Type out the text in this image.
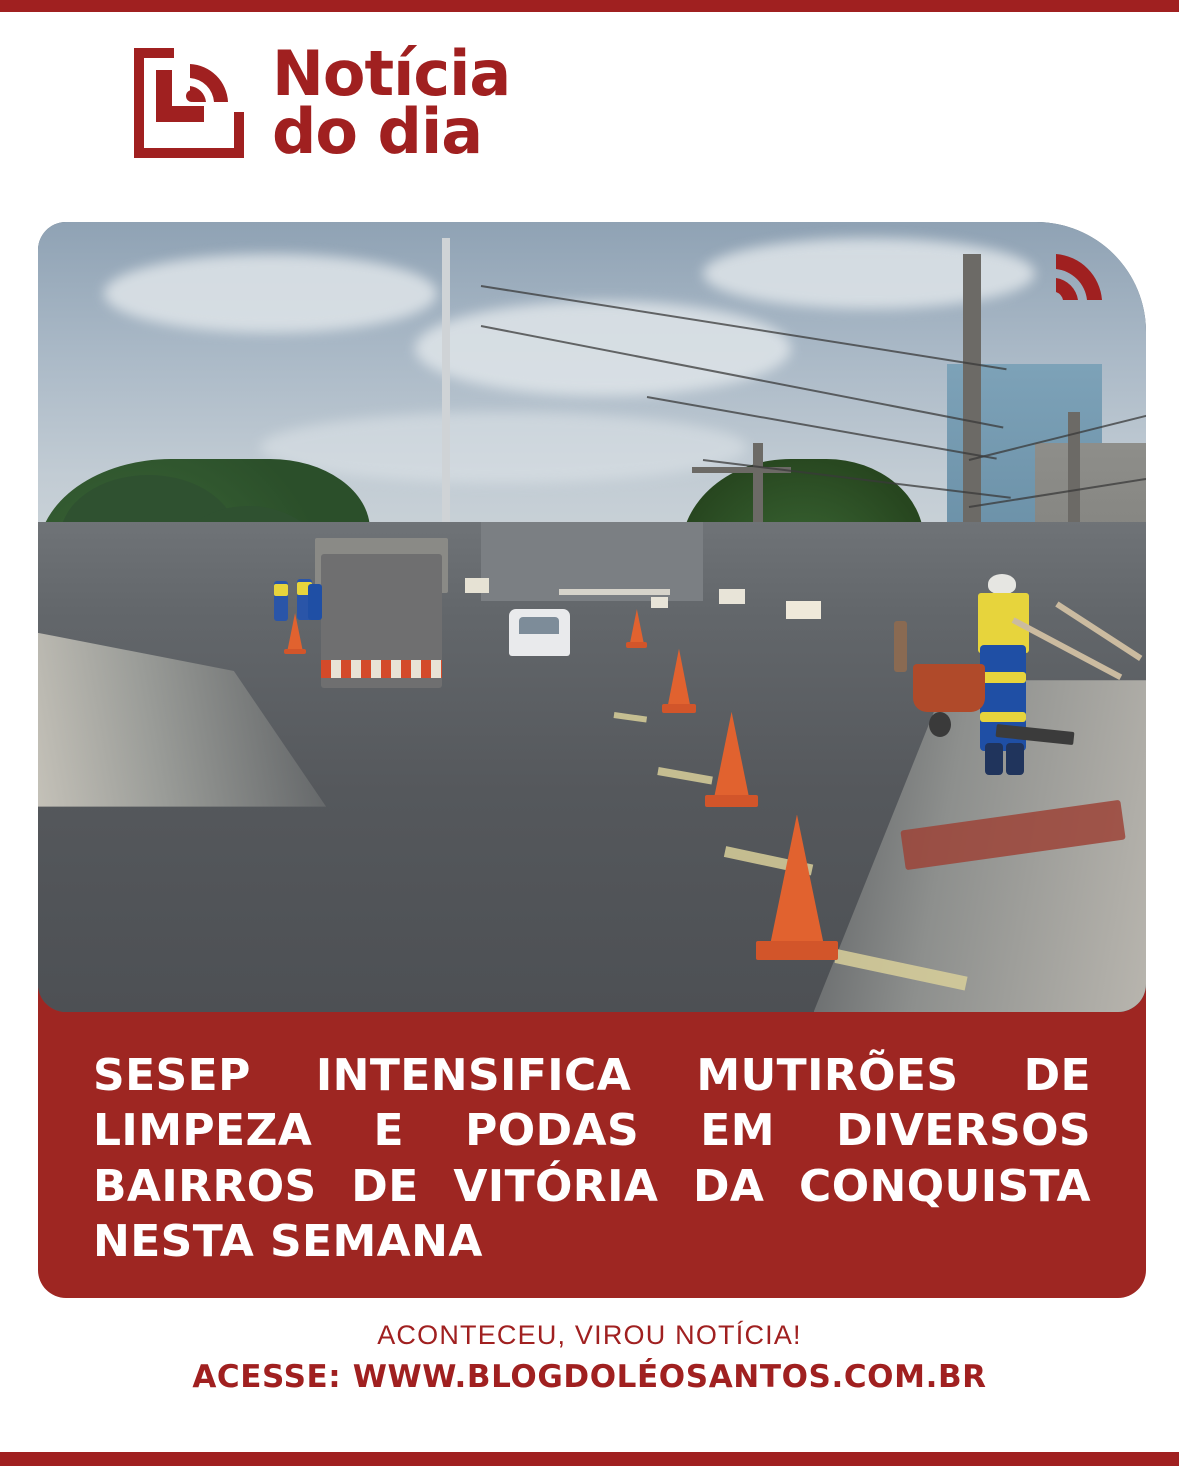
Notícia
do dia
SESEP INTENSIFICA MUTIRÕES DE LIMPEZA E PODAS EM DIVERSOS BAIRROS DE VITÓRIA DA CONQUISTA NESTA SEMANA
ACONTECEU, VIROU NOTÍCIA!
ACESSE: WWW.BLOGDOLÉOSANTOS.COM.BR
